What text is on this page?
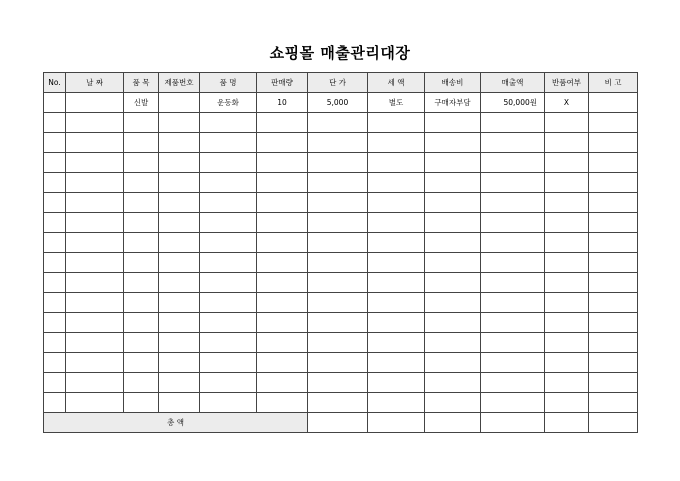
쇼핑몰 매출관리대장
No.	날 짜	품 목	제품번호	품 명	판매량	단 가	세 액	배송비	매출액	반품여부	비 고
		신발		운동화	10	5,000	별도	구매자부담	50,000원	X	

총 액											
